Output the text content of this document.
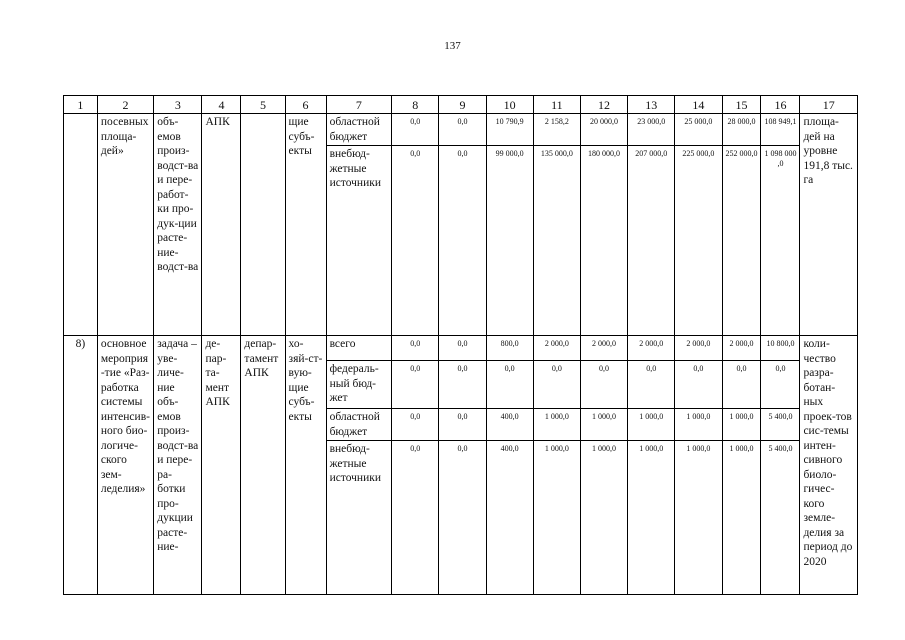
137
1	2	3	4	5	6	7	8	9	10	11	12	13	14	15	16	17
	посевных площа-дей»	объ-емов произ-водст-ва и пере-работ-ки про-дук-ции расте-ние-водст-ва	АПК		щие субъ-екты	областной бюджет	0,0	0,0	10 790,9	2 158,2	20 000,0	23 000,0	25 000,0	28 000,0	108 949,1	площа-дей на уровне 191,8 тыс. га
						внебюд-жетные источники	0,0	0,0	99 000,0	135 000,0	180 000,0	207 000,0	225 000,0	252 000,0	1 098 000 ,0	
8)	основное мероприя-тие «Раз-работка системы интенсив-ного био-логиче-ского зем-леделия»	задача – уве-личе-ние объ-емов произ-водст-ва и пере-ра-ботки про-дукции расте-ние-	де-пар-та-мент АПК	депар-тамент АПК	хо-зяй-ст-вую-щие субъ-екты	всего	0,0	0,0	800,0	2 000,0	2 000,0	2 000,0	2 000,0	2 000,0	10 800,0	коли-чество разра-ботан-ных проек-тов сис-темы интен-сивного биоло-гичес-кого земле-делия за период до 2020
						федераль-ный бюд-жет	0,0	0,0	0,0	0,0	0,0	0,0	0,0	0,0	0,0	
						областной бюджет	0,0	0,0	400,0	1 000,0	1 000,0	1 000,0	1 000,0	1 000,0	5 400,0	
						внебюд-жетные источники	0,0	0,0	400,0	1 000,0	1 000,0	1 000,0	1 000,0	1 000,0	5 400,0	
